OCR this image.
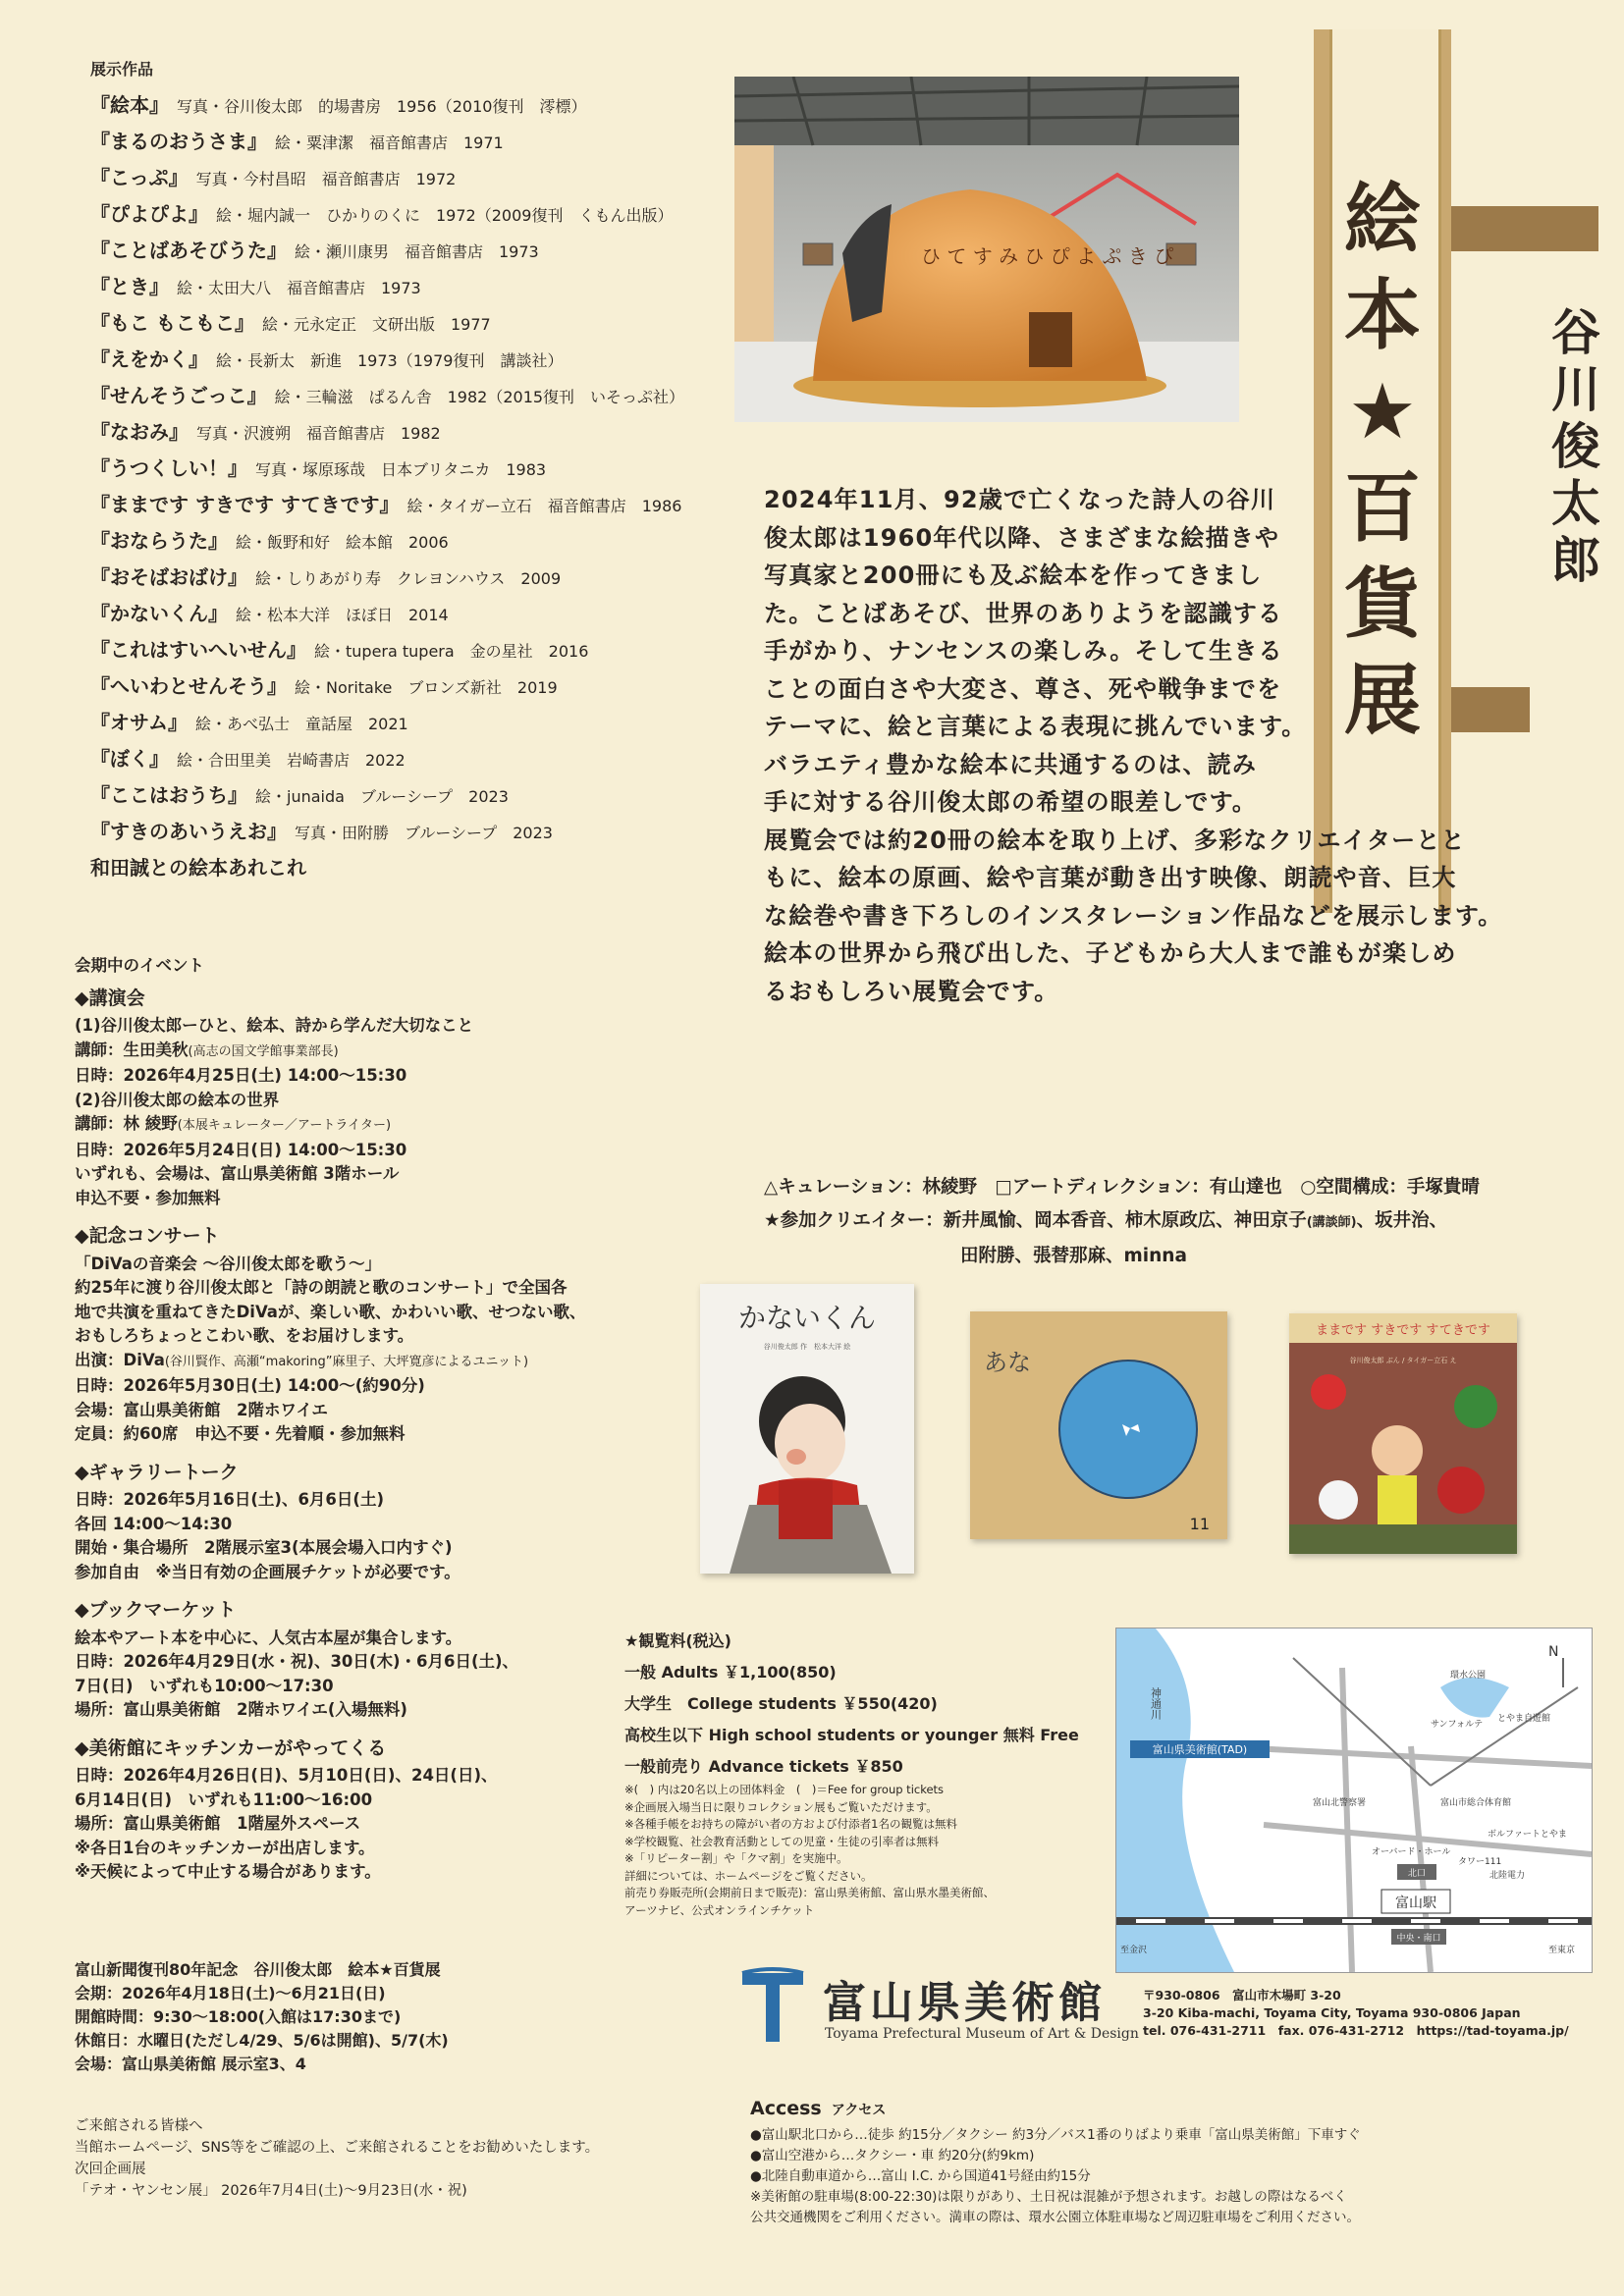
展示作品
『絵本』 写真・谷川俊太郎　的場書房　1956（2010復刊　澪標）
『まるのおうさま』 絵・粟津潔　福音館書店　1971
『こっぷ』 写真・今村昌昭　福音館書店　1972
『ぴよぴよ』 絵・堀内誠一　ひかりのくに　1972（2009復刊　くもん出版）
『ことばあそびうた』 絵・瀬川康男　福音館書店　1973
『とき』 絵・太田大八　福音館書店　1973
『もこ もこもこ』 絵・元永定正　文研出版　1977
『えをかく』 絵・長新太　新進　1973（1979復刊　講談社）
『せんそうごっこ』 絵・三輪滋　ぱるん舎　1982（2015復刊　いそっぷ社）
『なおみ』 写真・沢渡朔　福音館書店　1982
『うつくしい！』 写真・塚原琢哉　日本ブリタニカ　1983
『ままです すきです すてきです』 絵・タイガー立石　福音館書店　1986
『おならうた』 絵・飯野和好　絵本館　2006
『おそばおばけ』 絵・しりあがり寿　クレヨンハウス　2009
『かないくん』 絵・松本大洋　ほぼ日　2014
『これはすいへいせん』 絵・tupera tupera　金の星社　2016
『へいわとせんそう』 絵・Noritake　ブロンズ新社　2019
『オサム』 絵・あべ弘士　童話屋　2021
『ぼく』 絵・合田里美　岩崎書店　2022
『ここはおうち』 絵・junaida　ブルーシープ　2023
『すきのあいうえお』 写真・田附勝　ブルーシープ　2023
和田誠との絵本あれこれ
会期中のイベント
◆講演会
(1)谷川俊太郎ーひと、絵本、詩から学んだ大切なこと
講師：生田美秋(高志の国文学館事業部長)
日時：2026年4月25日(土) 14:00〜15:30
(2)谷川俊太郎の絵本の世界
講師：林 綾野(本展キュレーター／アートライター)
日時：2026年5月24日(日) 14:00〜15:30
いずれも、会場は、富山県美術館 3階ホール
申込不要・参加無料
◆記念コンサート
「DiVaの音楽会 〜谷川俊太郎を歌う〜」
約25年に渡り谷川俊太郎と「詩の朗読と歌のコンサート」で全国各
地で共演を重ねてきたDiVaが、楽しい歌、かわいい歌、せつない歌、
おもしろちょっとこわい歌、をお届けします。
出演：DiVa(谷川賢作、高瀬“makoring”麻里子、大坪寛彦によるユニット)
日時：2026年5月30日(土) 14:00〜(約90分)
会場：富山県美術館　2階ホワイエ
定員：約60席　申込不要・先着順・参加無料
◆ギャラリートーク
日時：2026年5月16日(土)、6月6日(土)
各回 14:00〜14:30
開始・集合場所　2階展示室3(本展会場入口内すぐ)
参加自由　※当日有効の企画展チケットが必要です。
◆ブックマーケット
絵本やアート本を中心に、人気古本屋が集合します。
日時：2026年4月29日(水・祝)、30日(木)・6月6日(土)、
7日(日)　いずれも10:00〜17:30
場所：富山県美術館　2階ホワイエ(入場無料)
◆美術館にキッチンカーがやってくる
日時：2026年4月26日(日)、5月10日(日)、24日(日)、
6月14日(日)　いずれも11:00〜16:00
場所：富山県美術館　1階屋外スペース
※各日1台のキッチンカーが出店します。
※天候によって中止する場合があります。
富山新聞復刊80年記念　谷川俊太郎　絵本★百貨展
会期：2026年4月18日(土)〜6月21日(日)
開館時間：9:30〜18:00(入館は17:30まで)
休館日：水曜日(ただし4/29、5/6は開館)、5/7(木)
会場：富山県美術館 展示室3、4
ご来館される皆様へ
当館ホームページ、SNS等をご確認の上、ご来館されることをお勧めいたします。
次回企画展
「テオ・ヤンセン展」 2026年7月4日(土)〜9月23日(水・祝)
ひ て す み ひ ぴ よ ぷ き ぴ 絵
本
★
百
貨
展
谷
川
俊
太
郎
2024年11月、92歳で亡くなった詩人の谷川
俊太郎は1960年代以降、さまざまな絵描きや
写真家と200冊にも及ぶ絵本を作ってきまし
た。ことばあそび、世界のありようを認識する
手がかり、ナンセンスの楽しみ。そして生きる
ことの面白さや大変さ、尊さ、死や戦争までを
テーマに、絵と言葉による表現に挑んでいます。
バラエティ豊かな絵本に共通するのは、読み
手に対する谷川俊太郎の希望の眼差しです。
展覧会では約20冊の絵本を取り上げ、多彩なクリエイターとと
もに、絵本の原画、絵や言葉が動き出す映像、朗読や音、巨大
な絵巻や書き下ろしのインスタレーション作品などを展示します。
絵本の世界から飛び出した、子どもから大人まで誰もが楽しめ
るおもしろい展覧会です。
△キュレーション：林綾野　□アートディレクション：有山達也　○空間構成：手塚貴晴
★参加クリエイター：新井風愉、岡本香音、柿木原政広、神田京子(講談師)、坂井治、
田附勝、張替那麻、minna
かないくん
谷川俊太郎 作　松本大洋 絵
あな
11
ままです すきです すてきです
谷川俊太郎 ぶん / タイガー立石 え
★観覧料(税込)
一般 Adults ￥1,100(850)
大学生　College students ￥550(420)
高校生以下 High school students or younger 無料 Free
一般前売り Advance tickets ￥850
※(　) 内は20名以上の団体料金　(　)＝Fee for group tickets
※企画展入場当日に限りコレクション展もご覧いただけます。
※各種手帳をお持ちの障がい者の方および付添者1名の観覧は無料
※学校観覧、社会教育活動としての児童・生徒の引率者は無料
※「リピーター割」や「クマ割」を実施中。
詳細については、ホームページをご覧ください。
前売り券販売所(会期前日まで販売)：富山県美術館、富山県水墨美術館、
アーツナビ、公式オンラインチケット	富山駅
北口
中央・南口
富山県美術館(TAD)
神通川
環水公園
サンフォルテ
とやま自遊館
富山北警察署	富山市総合体育館
ボルファートとやま
タワー111
北陸電力
オーバード・ホール
至金沢	至東京
N
富山県美術館
Toyama Prefectural Museum of Art & Design
〒930-0806　富山市木場町 3-20
3-20 Kiba-machi, Toyama City, Toyama 930-0806 Japan
tel. 076-431-2711　fax. 076-431-2712　https://tad-toyama.jp/
Access アクセス
●富山駅北口から…徒歩 約15分／タクシー 約3分／バス1番のりばより乗車「富山県美術館」下車すぐ
●富山空港から…タクシー・車 約20分(約9km)
●北陸自動車道から…富山 I.C. から国道41号経由約15分
※美術館の駐車場(8:00-22:30)は限りがあり、土日祝は混雑が予想されます。お越しの際はなるべく
公共交通機関をご利用ください。満車の際は、環水公園立体駐車場など周辺駐車場をご利用ください。
